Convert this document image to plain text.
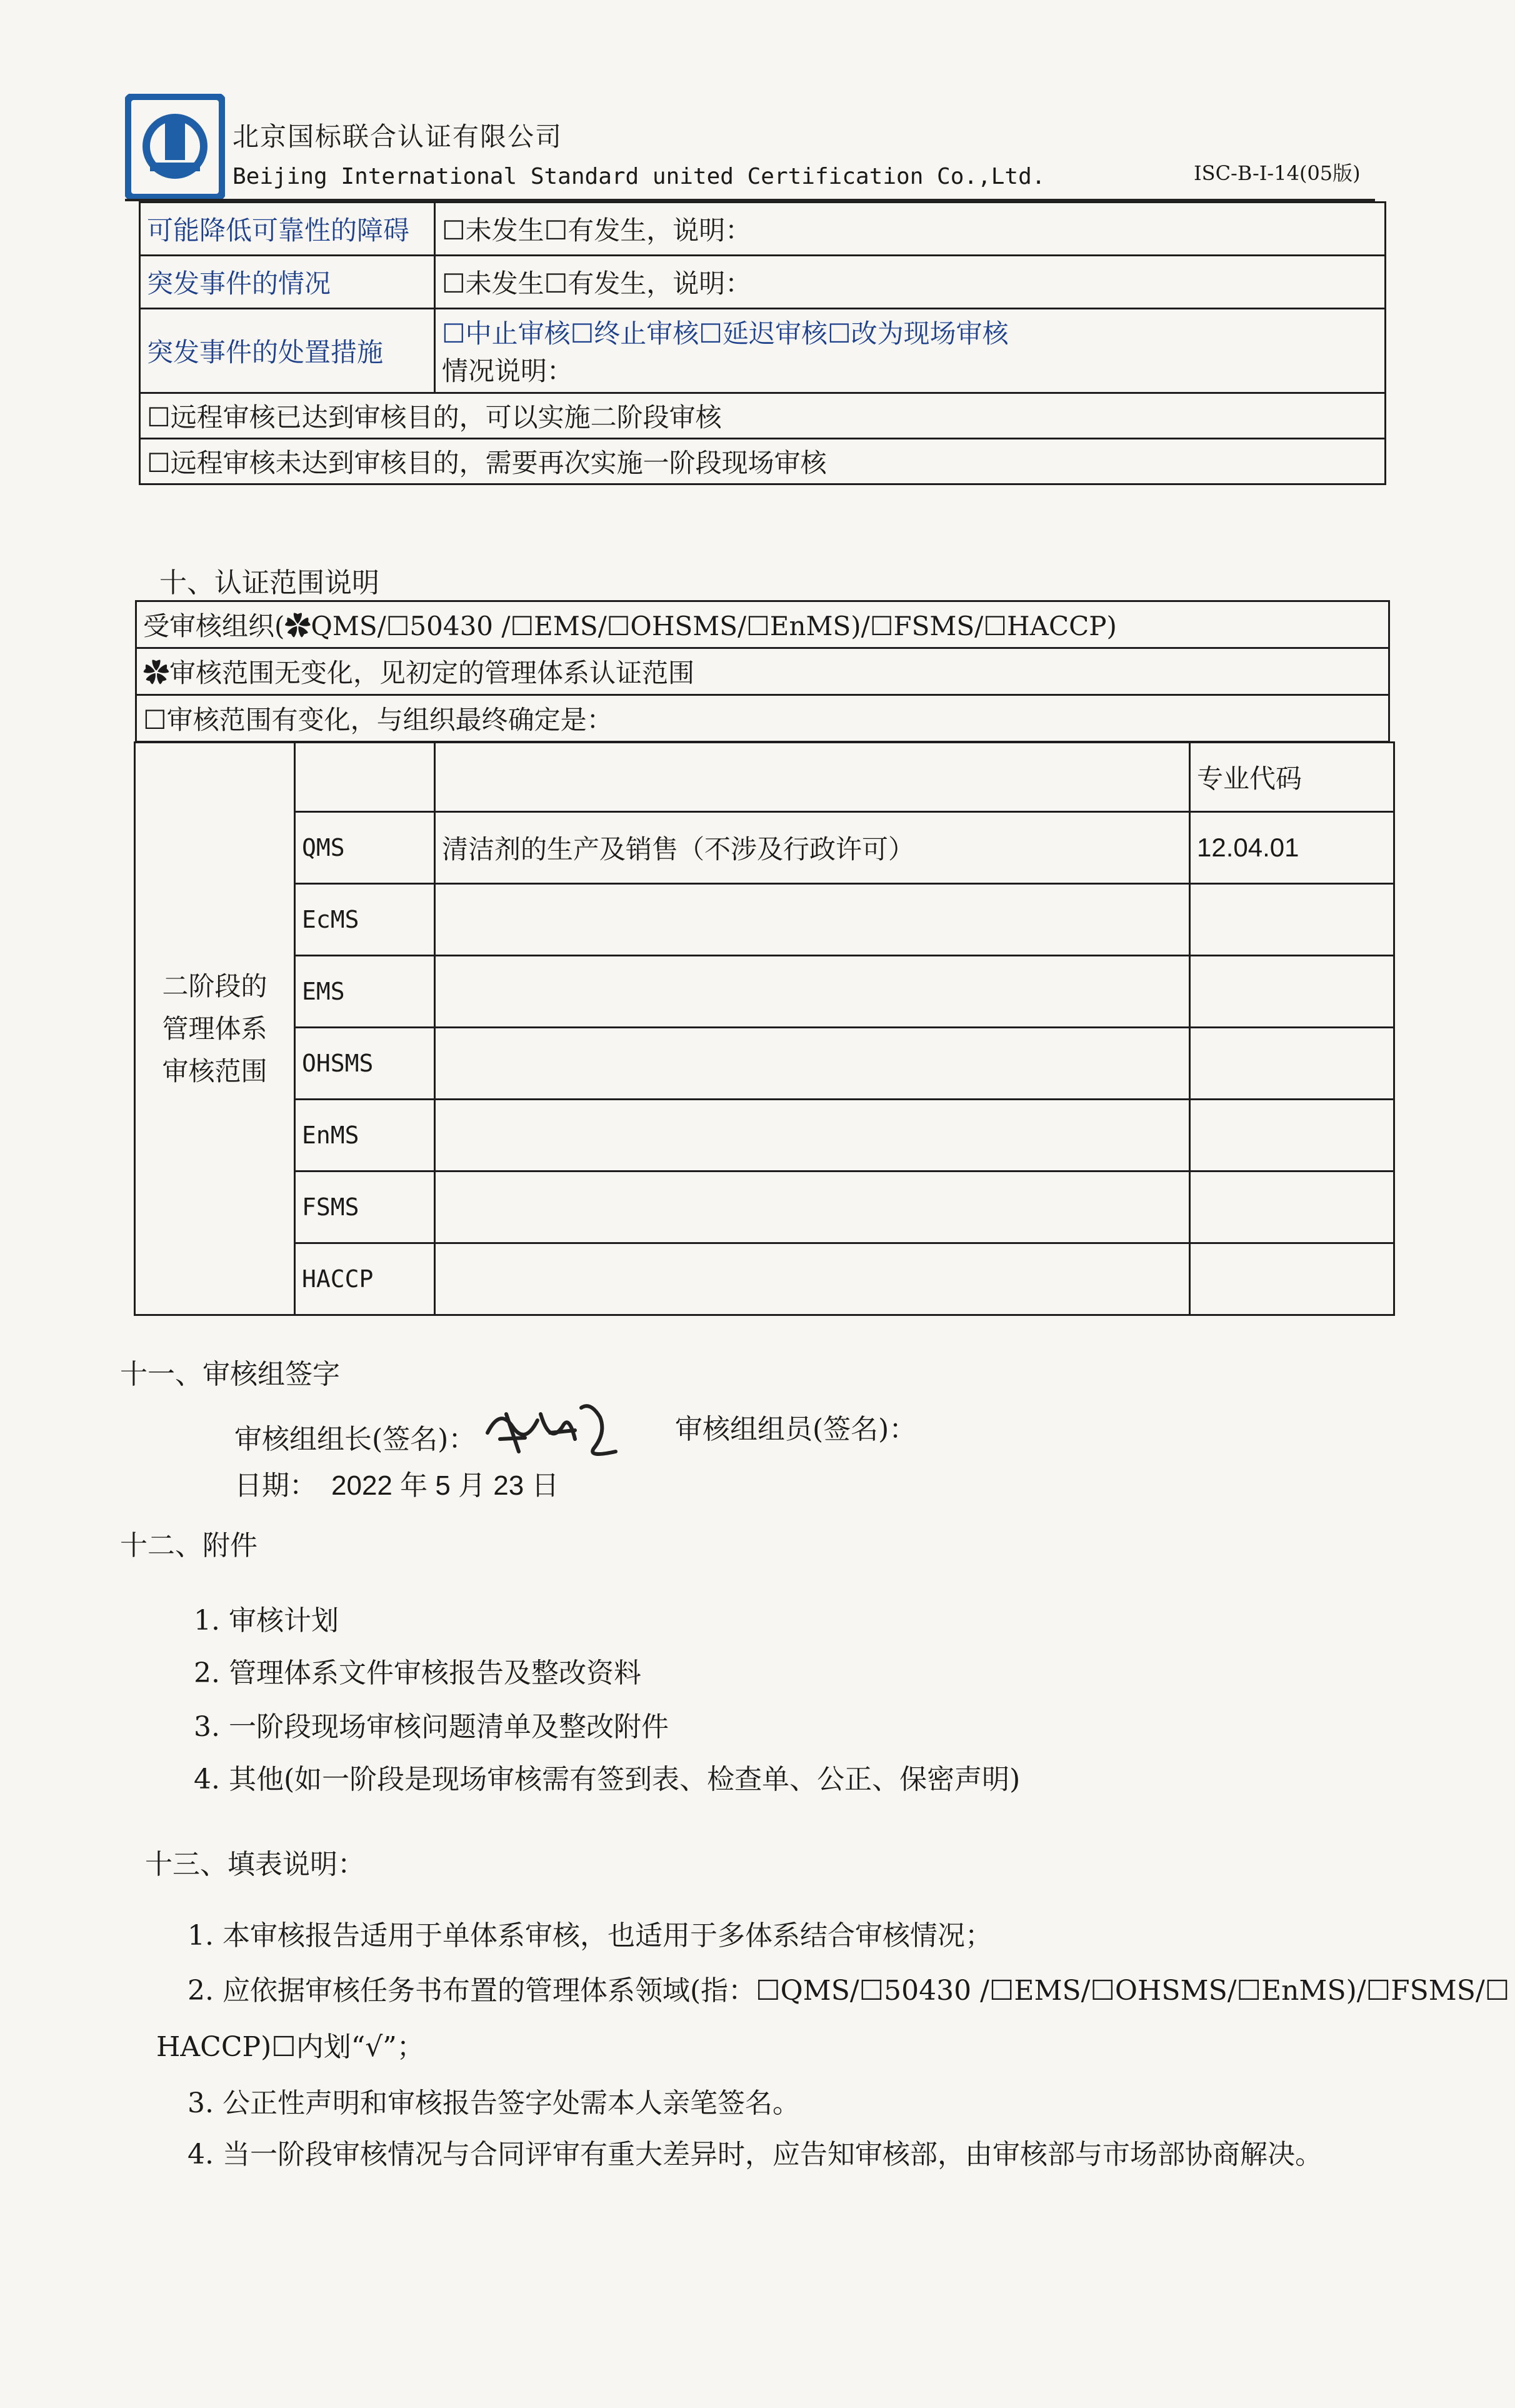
北京国标联合认证有限公司
Beijing International Standard united Certification Co.,Ltd.	ISC-B-I-14(05版)
可能降低可靠性的障碍	☐未发生☐有发生，说明：
突发事件的情况	☐未发生☐有发生，说明：
突发事件的处置措施	☐中止审核☐终止审核☐延迟审核☐改为现场审核
情况说明：

☐远程审核已达到审核目的，可以实施二阶段审核	
☐远程审核未达到审核目的，需要再次实施一阶段现场审核	
十、认证范围说明
受审核组织(✿QMS/☐50430 /☐EMS/☐OHSMS/☐EnMS)/☐FSMS/☐HACCP)
✿审核范围无变化，见初定的管理体系认证范围
☐审核范围有变化，与组织最终确定是：
二阶段的
管理体系
审核范围			专业代码
	QMS	清洁剂的生产及销售（不涉及行政许可）	12.04.01
	EcMS		
	EMS		
	OHSMS		
	EnMS		
	FSMS		
	HACCP		
十一、审核组签字
审核组组长(签名)：	审核组组员(签名)：
日期： 2022 年 5 月 23 日
十二、附件
1. 审核计划
2. 管理体系文件审核报告及整改资料
3. 一阶段现场审核问题清单及整改附件
4. 其他(如一阶段是现场审核需有签到表、检查单、公正、保密声明)
十三、填表说明：
1. 本审核报告适用于单体系审核，也适用于多体系结合审核情况；
2. 应依据审核任务书布置的管理体系领域(指：☐QMS/☐50430 /☐EMS/☐OHSMS/☐EnMS)/☐FSMS/☐
HACCP)☐内划“√”；
3. 公正性声明和审核报告签字处需本人亲笔签名。
4. 当一阶段审核情况与合同评审有重大差异时，应告知审核部，由审核部与市场部协商解决。
